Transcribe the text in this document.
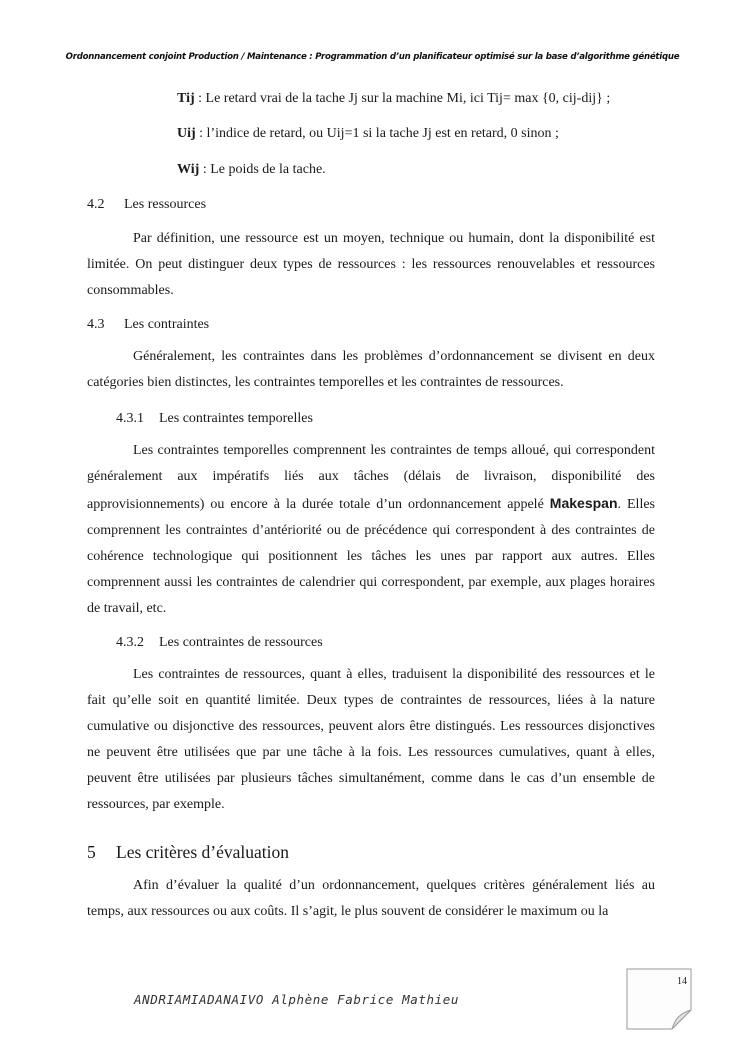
Ordonnancement conjoint Production / Maintenance : Programmation d’un planificateur optimisé sur la base d’algorithme génétique
Tij : Le retard vrai de la tache Jj sur la machine Mi, ici Tij= max {0, cij-dij} ;
Uij : l’indice de retard, ou Uij=1 si la tache Jj est en retard, 0 sinon ;
Wij : Le poids de la tache.
4.2 Les ressources

Par définition, une ressource est un moyen, technique ou humain, dont la disponibilité est limitée. On peut distinguer deux types de ressources : les ressources renouvelables et ressources consommables.

4.3 Les contraintes

Généralement, les contraintes dans les problèmes d’ordonnancement se divisent en deux catégories bien distinctes, les contraintes temporelles et les contraintes de ressources.

4.3.1 Les contraintes temporelles

Les contraintes temporelles comprennent les contraintes de temps alloué, qui correspondent généralement aux impératifs liés aux tâches (délais de livraison, disponibilité des approvisionnements) ou encore à la durée totale d’un ordonnancement appelé Makespan. Elles comprennent les contraintes d’antériorité ou de précédence qui correspondent à des contraintes de cohérence technologique qui positionnent les tâches les unes par rapport aux autres. Elles comprennent aussi les contraintes de calendrier qui correspondent, par exemple, aux plages horaires de travail, etc.

4.3.2 Les contraintes de ressources

Les contraintes de ressources, quant à elles, traduisent la disponibilité des ressources et le fait qu’elle soit en quantité limitée. Deux types de contraintes de ressources, liées à la nature cumulative ou disjonctive des ressources, peuvent alors être distingués. Les ressources disjonctives ne peuvent être utilisées que par une tâche à la fois. Les ressources cumulatives, quant à elles, peuvent être utilisées par plusieurs tâches simultanément, comme dans le cas d’un ensemble de ressources, par exemple.

5 Les critères d’évaluation

Afin d’évaluer la qualité d’un ordonnancement, quelques critères généralement liés au temps, aux ressources ou aux coûts. Il s’agit, le plus souvent de considérer le maximum ou la

14
ANDRIAMIADANAIVO Alphène Fabrice Mathieu
